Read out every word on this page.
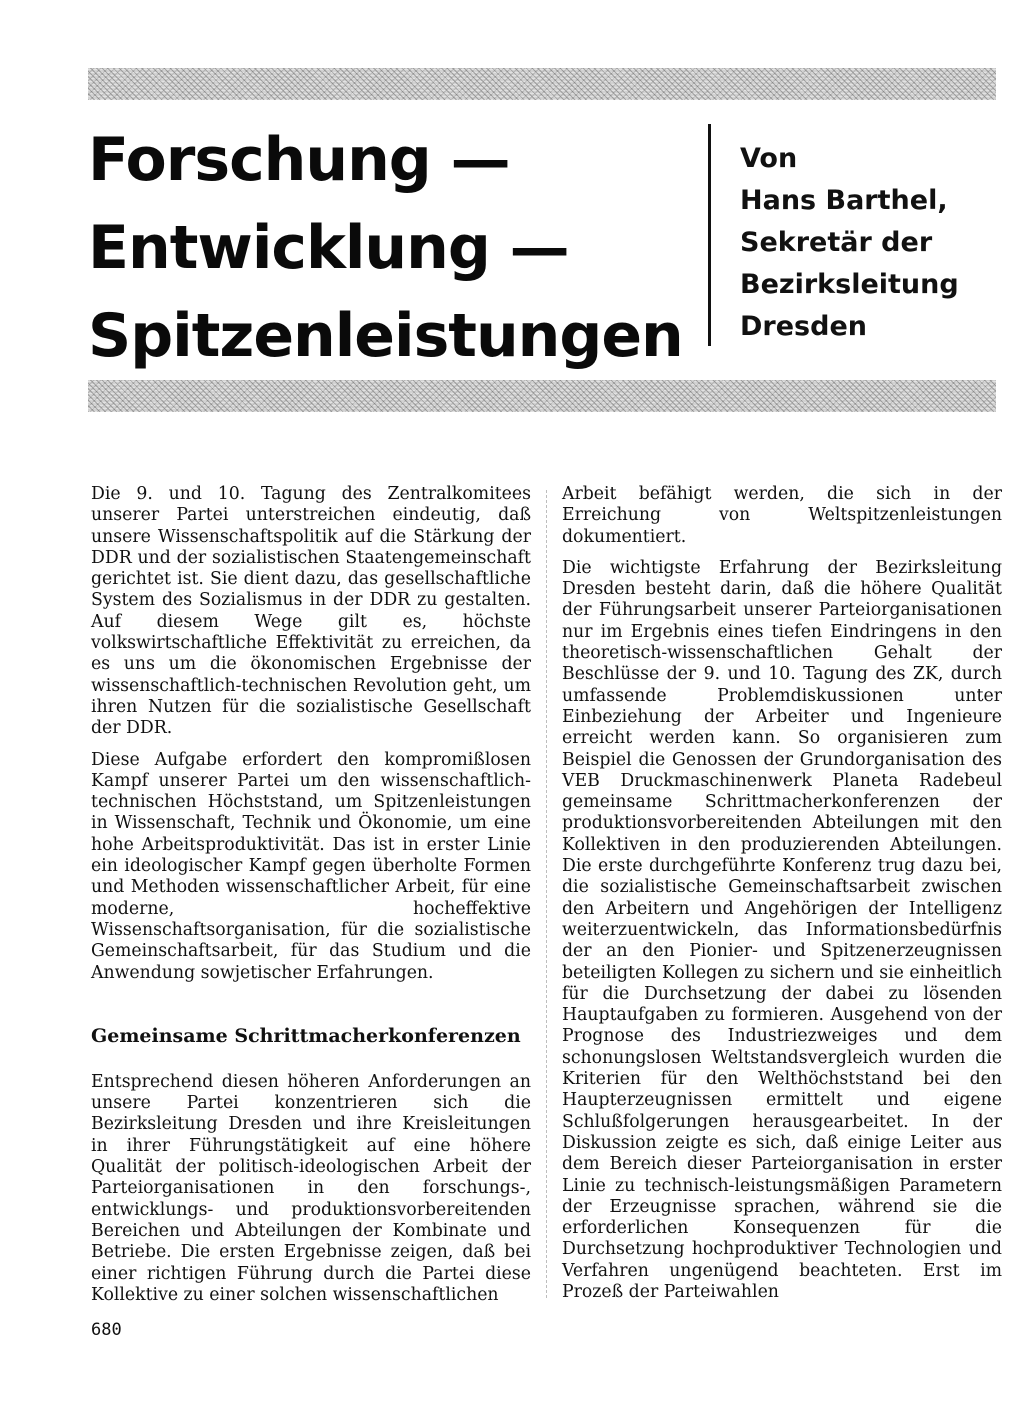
Forschung —
Entwicklung —
Spitzenleistungen
Von
Hans Barthel,
Sekretär der
Bezirksleitung
Dresden

Die 9. und 10. Tagung des Zentralkomitees unserer Partei unterstreichen eindeutig, daß unsere Wissenschaftspolitik auf die Stärkung der DDR und der sozialistischen Staatengemeinschaft gerichtet ist. Sie dient dazu, das gesellschaftliche System des Sozialismus in der DDR zu gestalten. Auf diesem Wege gilt es, höchste volkswirtschaftliche Effektivität zu erreichen, da es uns um die ökonomischen Ergebnisse der wissenschaftlich-technischen Revolution geht, um ihren Nutzen für die sozialistische Gesellschaft der DDR.

Diese Aufgabe erfordert den kompromißlosen Kampf unserer Partei um den wissenschaftlich-technischen Höchststand, um Spitzenleistungen in Wissenschaft, Technik und Ökonomie, um eine hohe Arbeitsproduktivität. Das ist in erster Linie ein ideologischer Kampf gegen überholte Formen und Methoden wissenschaftlicher Arbeit, für eine moderne, hocheffektive Wissenschaftsorganisation, für die sozialistische Gemeinschaftsarbeit, für das Studium und die Anwendung sowjetischer Erfahrungen.

Gemeinsame Schrittmacherkonferenzen

Entsprechend diesen höheren Anforderungen an unsere Partei konzentrieren sich die Bezirksleitung Dresden und ihre Kreisleitungen in ihrer Führungstätigkeit auf eine höhere Qualität der politisch-ideologischen Arbeit der Parteiorganisationen in den forschungs-, entwicklungs- und produktionsvorbereitenden Bereichen und Abteilungen der Kombinate und Betriebe. Die ersten Ergebnisse zeigen, daß bei einer richtigen Führung durch die Partei diese Kollektive zu einer solchen wissenschaftlichen

Arbeit befähigt werden, die sich in der Erreichung von Weltspitzenleistungen dokumentiert.

Die wichtigste Erfahrung der Bezirksleitung Dresden besteht darin, daß die höhere Qualität der Führungsarbeit unserer Parteiorganisationen nur im Ergebnis eines tiefen Eindringens in den theoretisch-wissenschaftlichen Gehalt der Beschlüsse der 9. und 10. Tagung des ZK, durch umfassende Problemdiskussionen unter Einbeziehung der Arbeiter und Ingenieure erreicht werden kann. So organisieren zum Beispiel die Genossen der Grundorganisation des VEB Druckmaschinenwerk Planeta Radebeul gemeinsame Schrittmacherkonferenzen der produktionsvorbereitenden Abteilungen mit den Kollektiven in den produzierenden Abteilungen. Die erste durchgeführte Konferenz trug dazu bei, die sozialistische Gemeinschaftsarbeit zwischen den Arbeitern und Angehörigen der Intelligenz weiterzuentwickeln, das Informationsbedürfnis der an den Pionier- und Spitzenerzeugnissen beteiligten Kollegen zu sichern und sie einheitlich für die Durchsetzung der dabei zu lösenden Hauptaufgaben zu formieren. Ausgehend von der Prognose des Industriezweiges und dem schonungslosen Weltstandsvergleich wurden die Kriterien für den Welthöchststand bei den Haupterzeugnissen ermittelt und eigene Schlußfolgerungen herausgearbeitet. In der Diskussion zeigte es sich, daß einige Leiter aus dem Bereich dieser Parteiorganisation in erster Linie zu technisch-leistungsmäßigen Parametern der Erzeugnisse sprachen, während sie die erforderlichen Konsequenzen für die Durchsetzung hochproduktiver Technologien und Verfahren ungenügend beachteten. Erst im Prozeß der Parteiwahlen

680
